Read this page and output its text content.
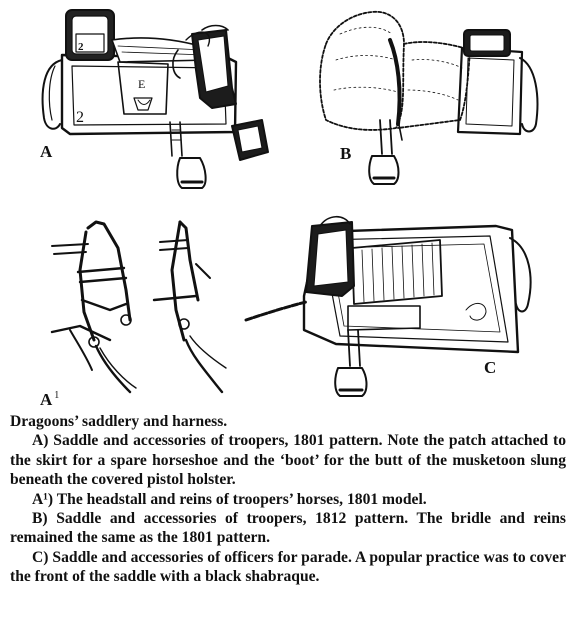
2
2
E
A	B
A $^1$
C

Dragoons’ saddlery and harness.

A) Saddle and accessories of troopers, 1801 pattern. Note the patch attached to the skirt for a spare horseshoe and the ‘boot’ for the butt of the musketoon slung beneath the covered pistol holster.

A¹) The headstall and reins of troopers’ horses, 1801 model.

B) Saddle and accessories of troopers, 1812 pattern. The bridle and reins remained the same as the 1801 pattern.

C) Saddle and accessories of officers for parade. A popular practice was to cover the front of the saddle with a black shabraque.
